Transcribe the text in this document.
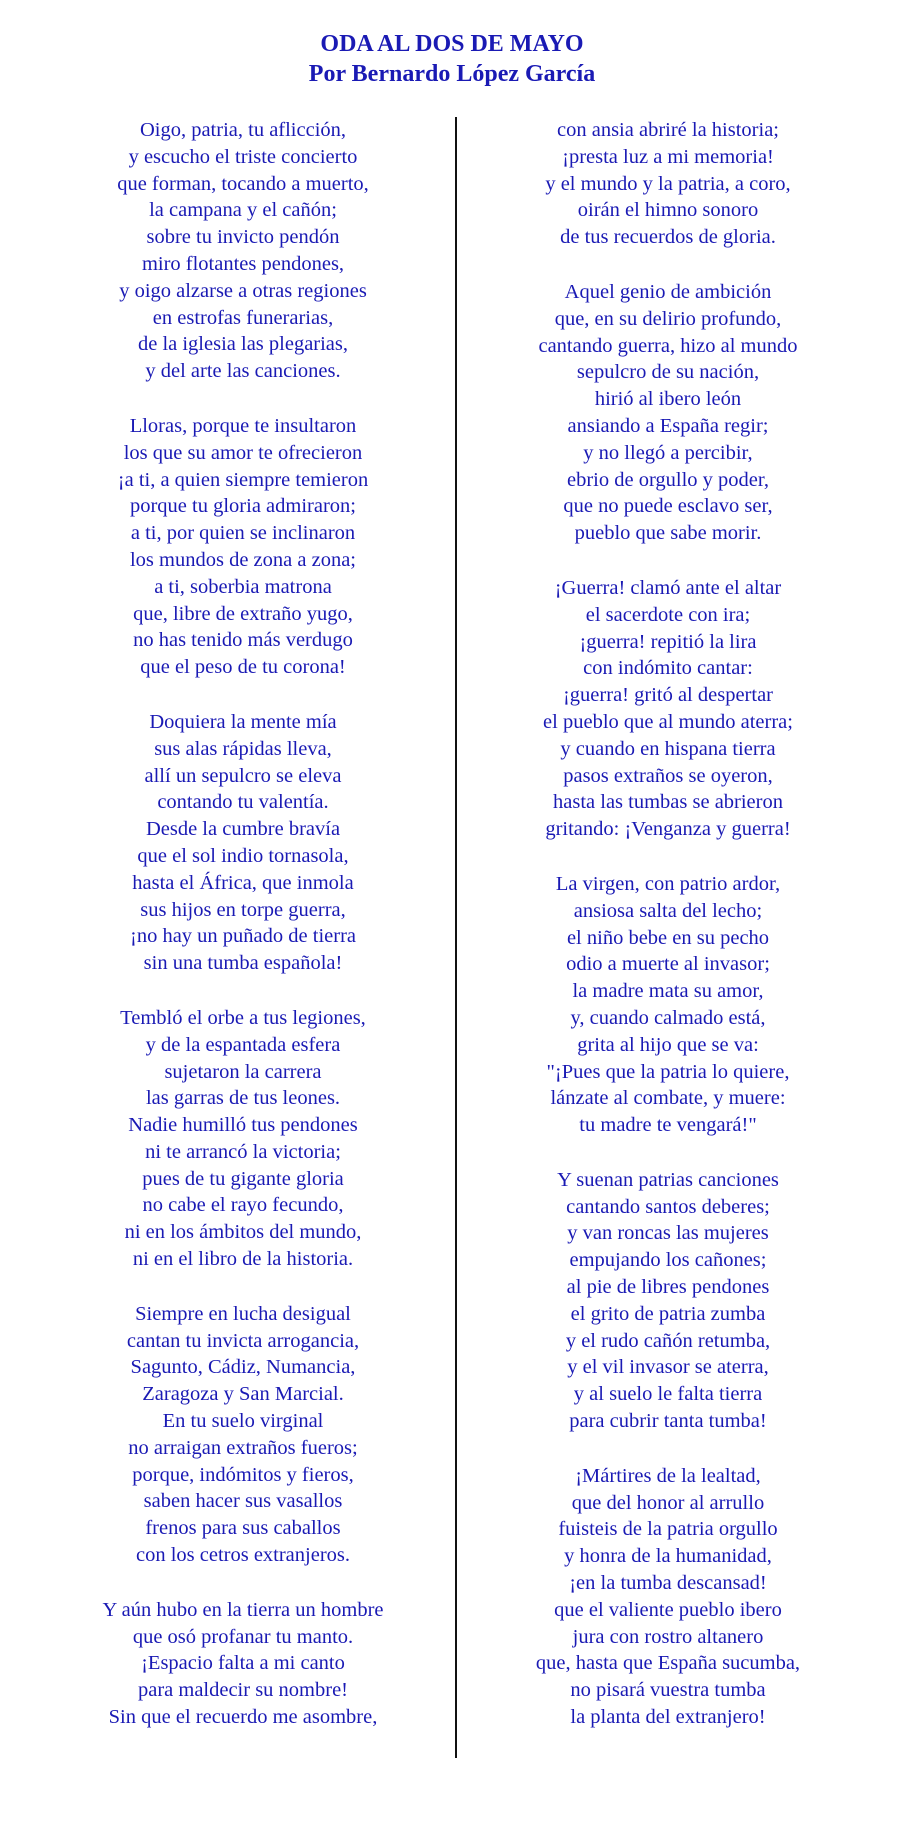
ODA AL DOS DE MAYO
Por Bernardo López García
Oigo, patria, tu aflicción,
y escucho el triste concierto
que forman, tocando a muerto,
la campana y el cañón;
sobre tu invicto pendón
miro flotantes pendones,
y oigo alzarse a otras regiones
en estrofas funerarias,
de la iglesia las plegarias,
y del arte las canciones.
Lloras, porque te insultaron
los que su amor te ofrecieron
¡a ti, a quien siempre temieron
porque tu gloria admiraron;
a ti, por quien se inclinaron
los mundos de zona a zona;
a ti, soberbia matrona
que, libre de extraño yugo,
no has tenido más verdugo
que el peso de tu corona!
Doquiera la mente mía
sus alas rápidas lleva,
allí un sepulcro se eleva
contando tu valentía.
Desde la cumbre bravía
que el sol indio tornasola,
hasta el África, que inmola
sus hijos en torpe guerra,
¡no hay un puñado de tierra
sin una tumba española!
Tembló el orbe a tus legiones,
y de la espantada esfera
sujetaron la carrera
las garras de tus leones.
Nadie humilló tus pendones
ni te arrancó la victoria;
pues de tu gigante gloria
no cabe el rayo fecundo,
ni en los ámbitos del mundo,
ni en el libro de la historia.
Siempre en lucha desigual
cantan tu invicta arrogancia,
Sagunto, Cádiz, Numancia,
Zaragoza y San Marcial.
En tu suelo virginal
no arraigan extraños fueros;
porque, indómitos y fieros,
saben hacer sus vasallos
frenos para sus caballos
con los cetros extranjeros.
Y aún hubo en la tierra un hombre
que osó profanar tu manto.
¡Espacio falta a mi canto
para maldecir su nombre!
Sin que el recuerdo me asombre,
con ansia abriré la historia;
¡presta luz a mi memoria!
y el mundo y la patria, a coro,
oirán el himno sonoro
de tus recuerdos de gloria.
Aquel genio de ambición
que, en su delirio profundo,
cantando guerra, hizo al mundo
sepulcro de su nación,
hirió al ibero león
ansiando a España regir;
y no llegó a percibir,
ebrio de orgullo y poder,
que no puede esclavo ser,
pueblo que sabe morir.
¡Guerra! clamó ante el altar
el sacerdote con ira;
¡guerra! repitió la lira
con indómito cantar:
¡guerra! gritó al despertar
el pueblo que al mundo aterra;
y cuando en hispana tierra
pasos extraños se oyeron,
hasta las tumbas se abrieron
gritando: ¡Venganza y guerra!
La virgen, con patrio ardor,
ansiosa salta del lecho;
el niño bebe en su pecho
odio a muerte al invasor;
la madre mata su amor,
y, cuando calmado está,
grita al hijo que se va:
"¡Pues que la patria lo quiere,
lánzate al combate, y muere:
tu madre te vengará!"
Y suenan patrias canciones
cantando santos deberes;
y van roncas las mujeres
empujando los cañones;
al pie de libres pendones
el grito de patria zumba
y el rudo cañón retumba,
y el vil invasor se aterra,
y al suelo le falta tierra
para cubrir tanta tumba!
¡Mártires de la lealtad,
que del honor al arrullo
fuisteis de la patria orgullo
y honra de la humanidad,
¡en la tumba descansad!
que el valiente pueblo ibero
jura con rostro altanero
que, hasta que España sucumba,
no pisará vuestra tumba
la planta del extranjero!
